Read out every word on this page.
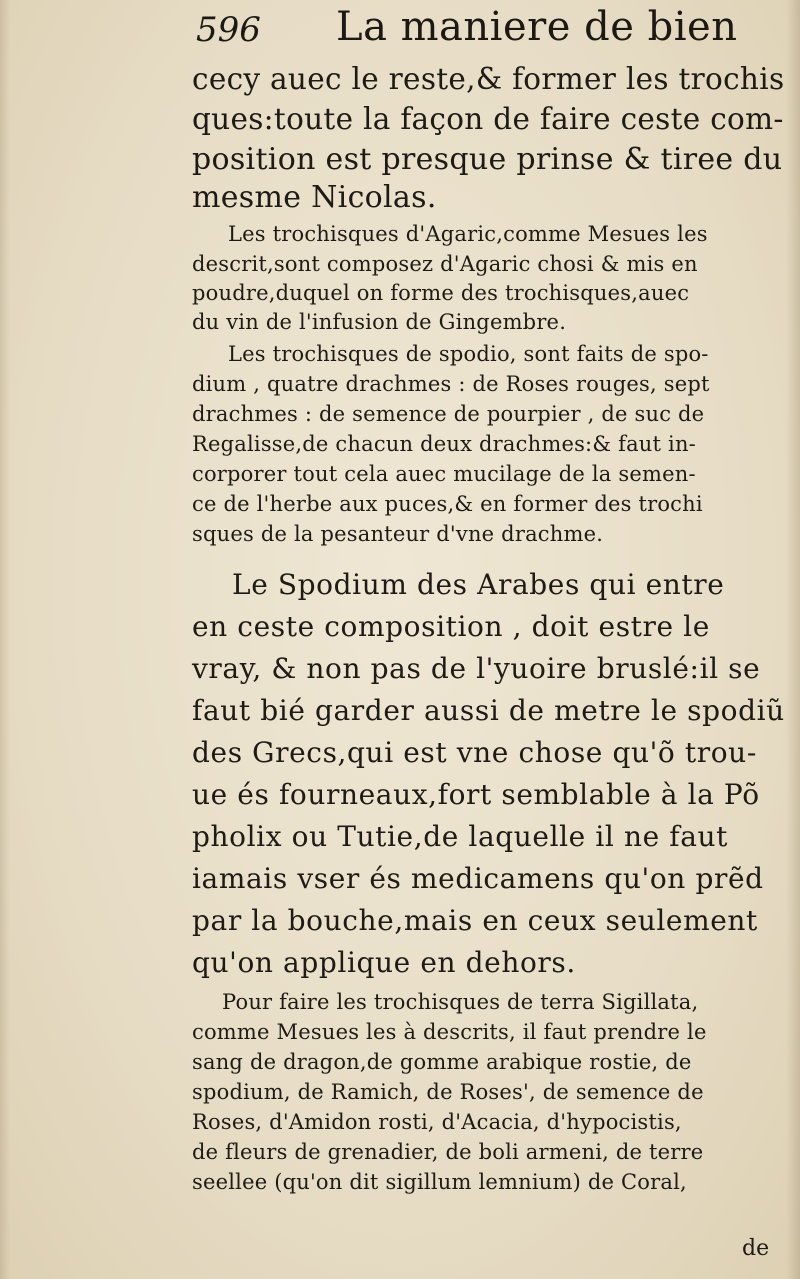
596 La maniere de bien
cecy auec le reste,& former les trochis
ques:toute la façon de faire ceste com-
position est presque prinse & tiree du
mesme Nicolas.
Les trochisques d'Agaric,comme Mesues les
descrit,sont composez d'Agaric chosi & mis en
poudre,duquel on forme des trochisques,auec
du vin de l'infusion de Gingembre.
Les trochisques de spodio, sont faits de spo-
dium , quatre drachmes : de Roses rouges, sept
drachmes : de semence de pourpier , de suc de
Regalisse,de chacun deux drachmes:& faut in-
corporer tout cela auec mucilage de la semen-
ce de l'herbe aux puces,& en former des trochi
sques de la pesanteur d'vne drachme.
Le Spodium des Arabes qui entre
en ceste composition , doit estre le
vray, & non pas de l'yuoire bruslé:il se
faut bié garder aussi de metre le spodiũ
des Grecs,qui est vne chose qu'õ trou-
ue és fourneaux,fort semblable à la Põ
pholix ou Tutie,de laquelle il ne faut
iamais vser és medicamens qu'on prẽd
par la bouche,mais en ceux seulement
qu'on applique en dehors.
Pour faire les trochisques de terra Sigillata,
comme Mesues les à descrits, il faut prendre le
sang de dragon,de gomme arabique rostie, de
spodium, de Ramich, de Roses', de semence de
Roses, d'Amidon rosti, d'Acacia, d'hypocistis,
de fleurs de grenadier, de boli armeni, de terre
seellee (qu'on dit sigillum lemnium) de Coral,
de
